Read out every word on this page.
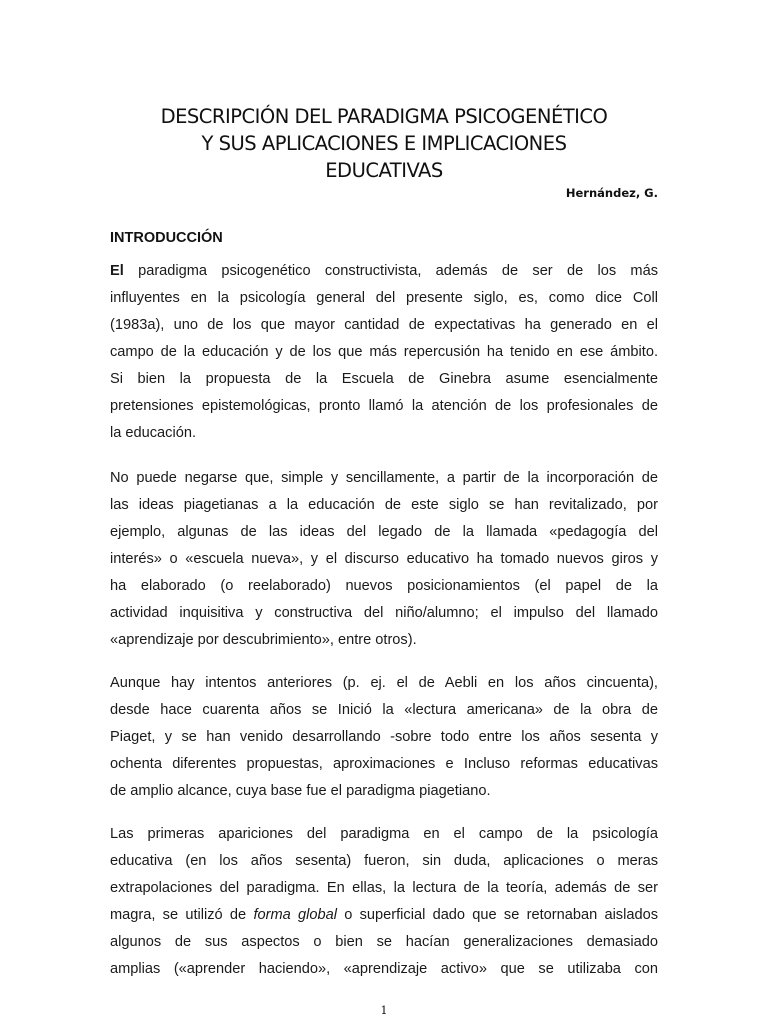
DESCRIPCIÓN DEL PARADIGMA PSICOGENÉTICO
Y SUS APLICACIONES E IMPLICACIONES
EDUCATIVAS
Hernández, G.
INTRODUCCIÓN
El paradigma psicogenético constructivista, además de ser de los más
influyentes en la psicología general del presente siglo, es, como dice Coll
(1983a), uno de los que mayor cantidad de expectativas ha generado en el
campo de la educación y de los que más repercusión ha tenido en ese ámbito.
Si bien la propuesta de la Escuela de Ginebra asume esencialmente
pretensiones epistemológicas, pronto llamó la atención de los profesionales de
la educación.
No puede negarse que, simple y sencillamente, a partir de la incorporación de
las ideas piagetianas a la educación de este siglo se han revitalizado, por
ejemplo, algunas de las ideas del legado de la llamada «pedagogía del
interés» o «escuela nueva», y el discurso educativo ha tomado nuevos giros y
ha elaborado (o reelaborado) nuevos posicionamientos (el papel de la
actividad inquisitiva y constructiva del niño/alumno; el impulso del llamado
«aprendizaje por descubrimiento», entre otros).
Aunque hay intentos anteriores (p. ej. el de Aebli en los años cincuenta),
desde hace cuarenta años se Inició la «lectura americana» de la obra de
Piaget, y se han venido desarrollando -sobre todo entre los años sesenta y
ochenta diferentes propuestas, aproximaciones e Incluso reformas educativas
de amplio alcance, cuya base fue el paradigma piagetiano.
Las primeras apariciones del paradigma en el campo de la psicología
educativa (en los años sesenta) fueron, sin duda, aplicaciones o meras
extrapolaciones del paradigma. En ellas, la lectura de la teoría, además de ser
magra, se utilizó de forma global o superficial dado que se retornaban aislados
algunos de sus aspectos o bien se hacían generalizaciones demasiado
amplias («aprender haciendo», «aprendizaje activo» que se utilizaba con
1
